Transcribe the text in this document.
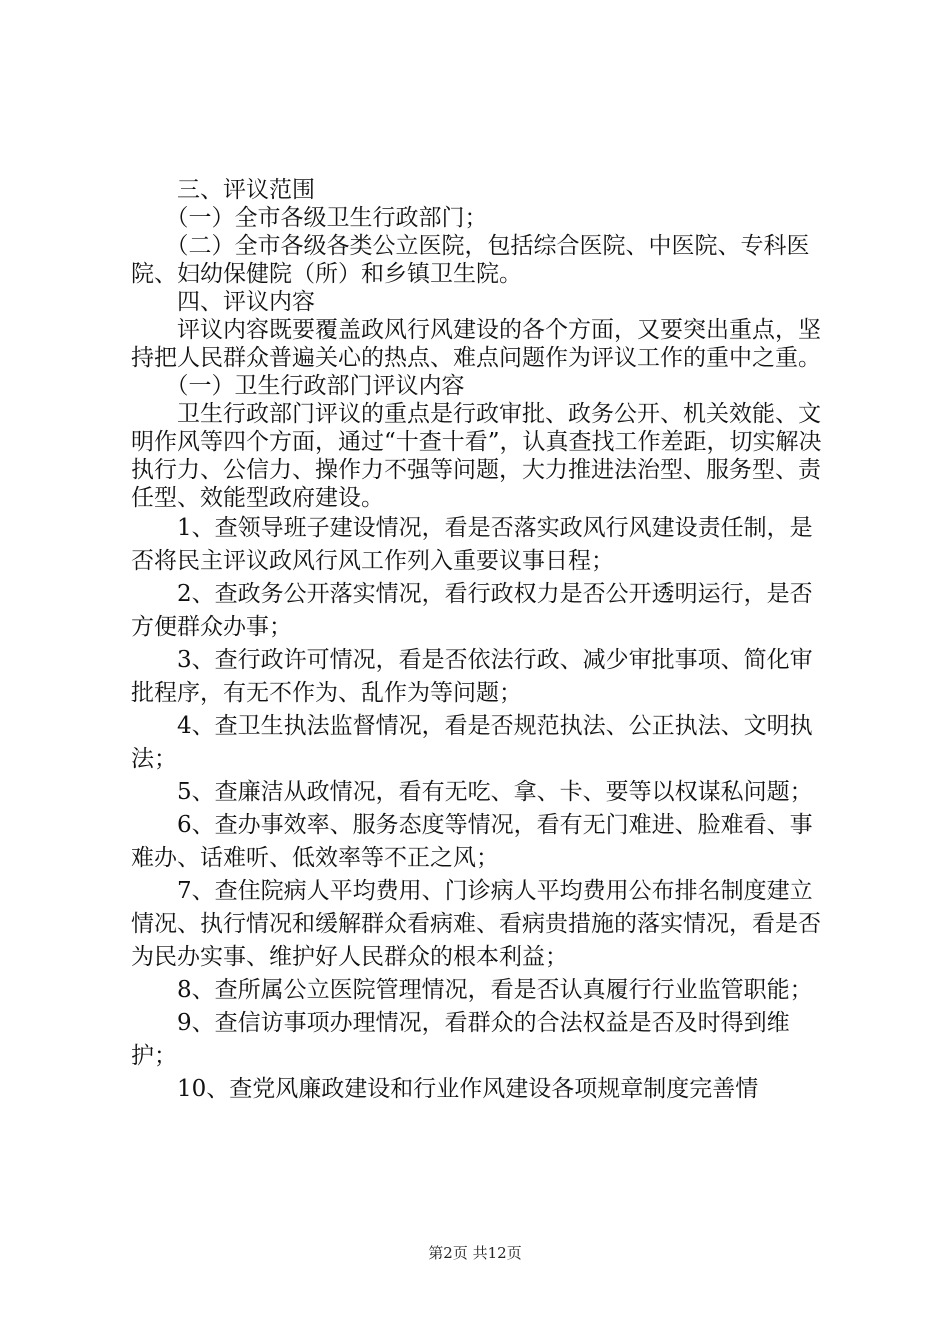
　　三、评议范围

　　（一）全市各级卫生行政部门；

　　（二）全市各级各类公立医院，包括综合医院、中医院、专科医院、妇幼保健院（所）和乡镇卫生院。

　　四、评议内容

　　评议内容既要覆盖政风行风建设的各个方面，又要突出重点，坚持把人民群众普遍关心的热点、难点问题作为评议工作的重中之重。

　　（一）卫生行政部门评议内容

　　卫生行政部门评议的重点是行政审批、政务公开、机关效能、文明作风等四个方面，通过“十查十看”，认真查找工作差距，切实解决执行力、公信力、操作力不强等问题，大力推进法治型、服务型、责任型、效能型政府建设。

　　1、查领导班子建设情况，看是否落实政风行风建设责任制，是否将民主评议政风行风工作列入重要议事日程；

　　2、查政务公开落实情况，看行政权力是否公开透明运行，是否方便群众办事；

　　3、查行政许可情况，看是否依法行政、减少审批事项、简化审批程序，有无不作为、乱作为等问题；

　　4、查卫生执法监督情况，看是否规范执法、公正执法、文明执法；

　　5、查廉洁从政情况，看有无吃、拿、卡、要等以权谋私问题；

　　6、查办事效率、服务态度等情况，看有无门难进、脸难看、事难办、话难听、低效率等不正之风；

　　7、查住院病人平均费用、门诊病人平均费用公布排名制度建立情况、执行情况和缓解群众看病难、看病贵措施的落实情况，看是否为民办实事、维护好人民群众的根本利益；

　　8、查所属公立医院管理情况，看是否认真履行行业监管职能；

　　9、查信访事项办理情况，看群众的合法权益是否及时得到维护；

　　10、查党风廉政建设和行业作风建设各项规章制度完善情

第2页 共12页
